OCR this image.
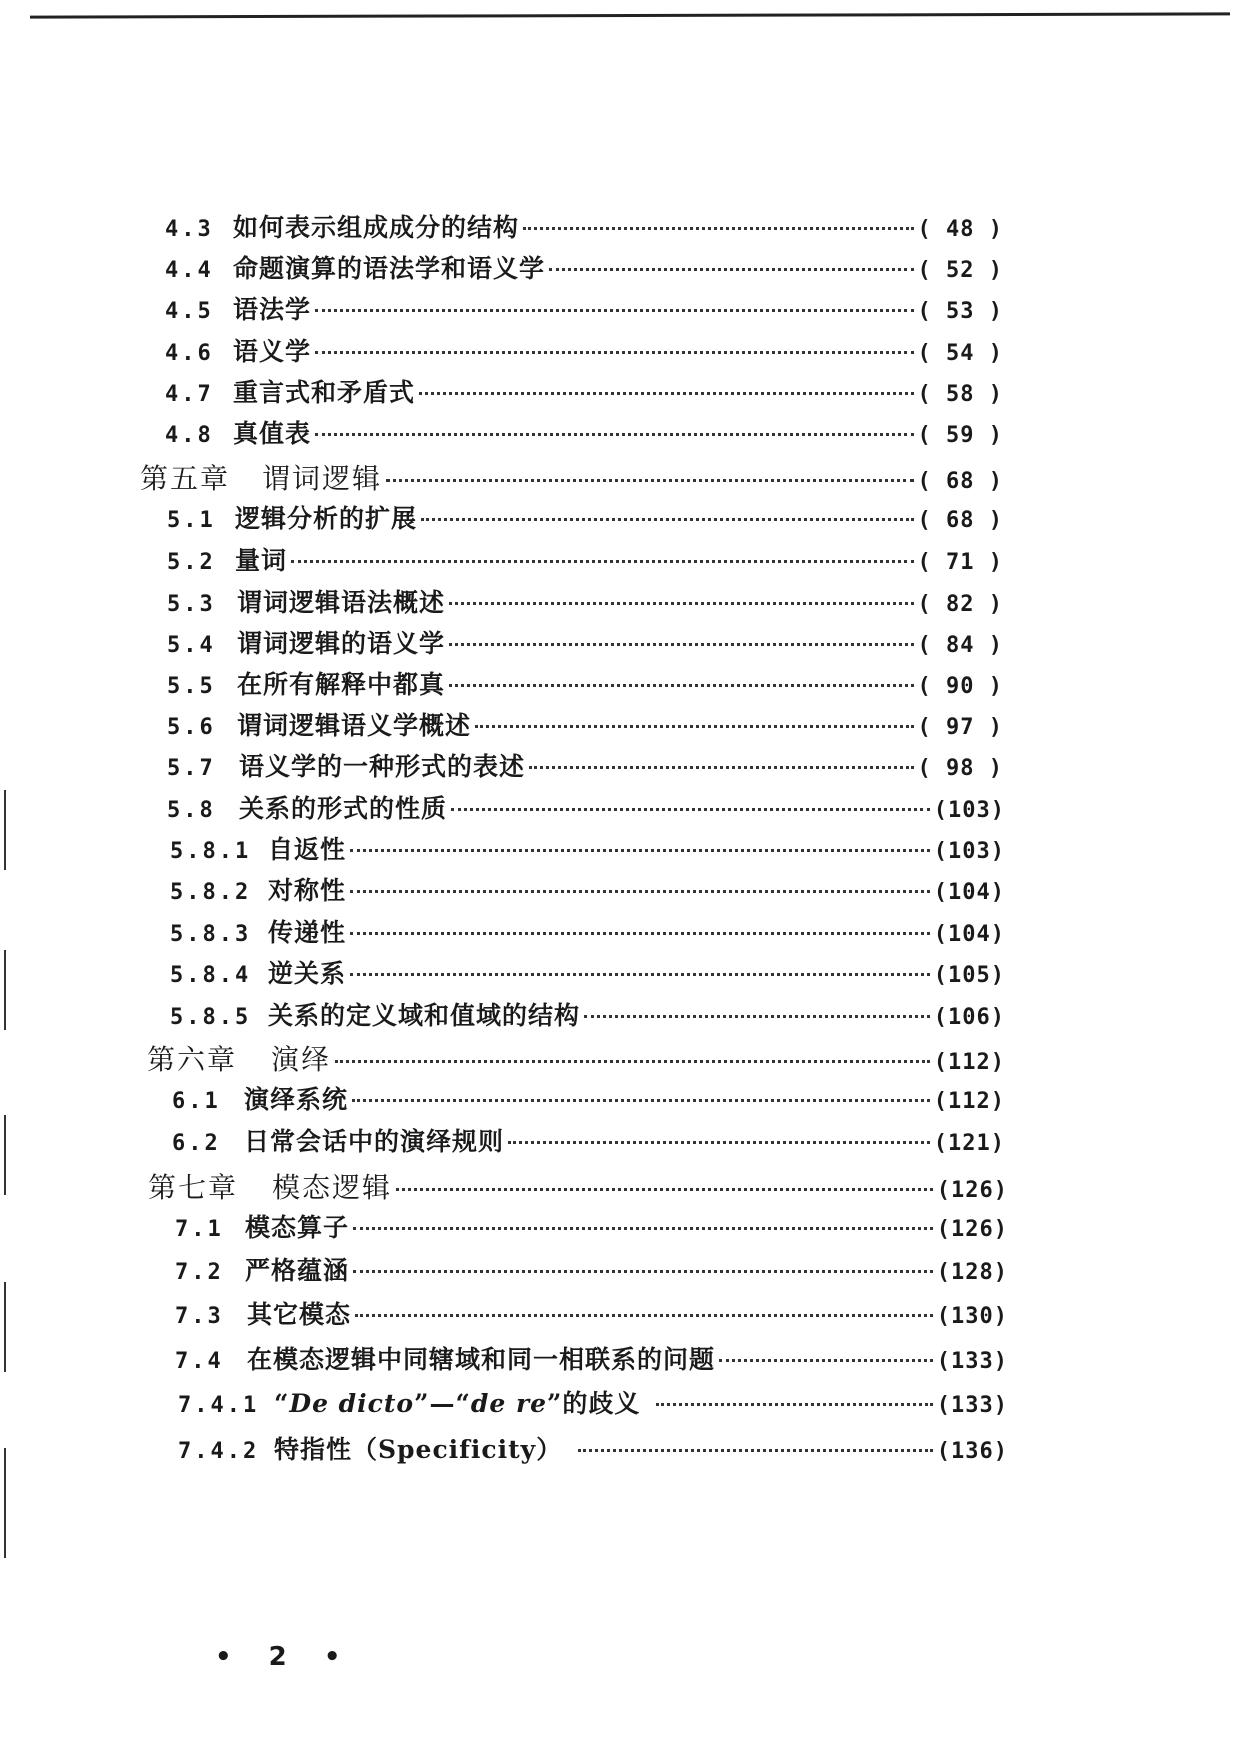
4.3 如何表示组成成分的结构	( 48 )
4.4 命题演算的语法学和语义学	( 52 )
4.5 语法学	( 53 )
4.6 语义学	( 54 )
4.7 重言式和矛盾式	( 58 )
4.8 真值表	( 59 )
第五章	谓词逻辑	( 68 )
5.1 逻辑分析的扩展	( 68 )
5.2 量词	( 71 )
5.3 谓词逻辑语法概述	( 82 )
5.4 谓词逻辑的语义学	( 84 )
5.5 在所有解释中都真	( 90 )
5.6 谓词逻辑语义学概述	( 97 )
5.7 语义学的一种形式的表述	( 98 )
5.8 关系的形式的性质	(103)
5.8.1 自返性	(103)
5.8.2 对称性	(104)
5.8.3 传递性	(104)
5.8.4 逆关系	(105)
5.8.5 关系的定义域和值域的结构	(106)
第六章	演绎	(112)
6.1 演绎系统	(112)
6.2 日常会话中的演绎规则	(121)
第七章	模态逻辑	(126)
7.1 模态算子	(126)
7.2 严格蕴涵	(128)
7.3 其它模态	(130)
7.4 在模态逻辑中同辖域和同一相联系的问题	(133)
7.4.1 “De dicto”—“de re”的歧义	(133)
7.4.2 特指性（Specificity）	(136)
• 2 •
